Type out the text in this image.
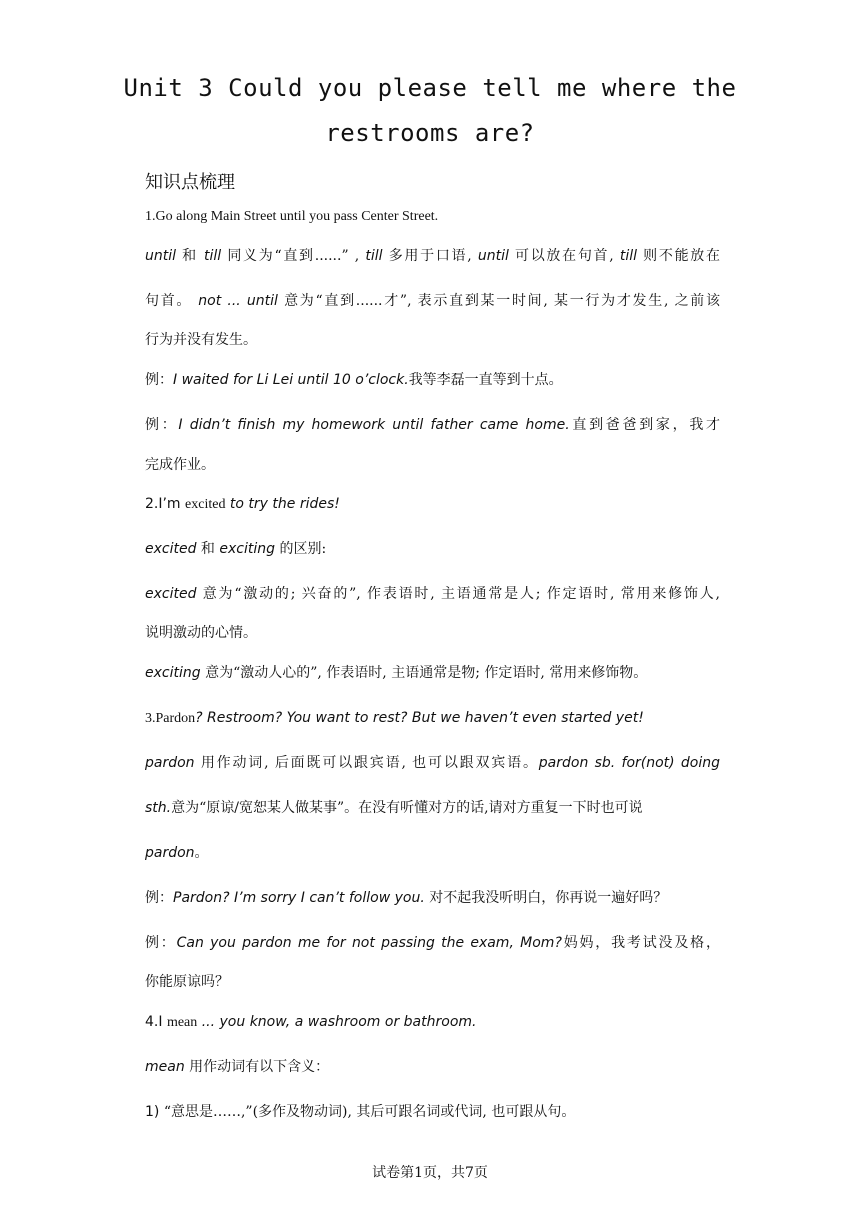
Unit 3 Could you please tell me where the
restrooms are?
知识点梳理
1.Go along Main Street until you pass Center Street.
until 和 till 同义为“直到......” , till 多用于口语, until 可以放在句首, till 则不能放在
句首。 not ... until 意为“直到......才”, 表示直到某一时间, 某一行为才发生, 之前该
行为并没有发生。
例：I waited for Li Lei until 10 o’clock.我等李磊一直等到十点。
例：I didn’t finish my homework until father came home.直到爸爸到家，我才
完成作业。
2.I’m excited to try the rides!
excited 和 exciting 的区别:
excited 意为“激动的; 兴奋的”, 作表语时, 主语通常是人; 作定语时, 常用来修饰人,
说明激动的心情。
exciting 意为“激动人心的”, 作表语时, 主语通常是物; 作定语时, 常用来修饰物。
3.Pardon? Restroom? You want to rest? But we haven’t even started yet!
pardon 用作动词, 后面既可以跟宾语, 也可以跟双宾语。pardon sb. for(not) doing
sth.意为“原谅/宽恕某人做某事”。在没有听懂对方的话,请对方重复一下时也可说
pardon。
例：Pardon? I’m sorry I can’t follow you. 对不起我没听明白，你再说一遍好吗？
例：Can you pardon me for not passing the exam, Mom?妈妈，我考试没及格，
你能原谅吗？
4.I mean ... you know, a washroom or bathroom.
mean 用作动词有以下含义：
1) “意思是……,”(多作及物动词), 其后可跟名词或代词, 也可跟从句。
试卷第1页，共7页
